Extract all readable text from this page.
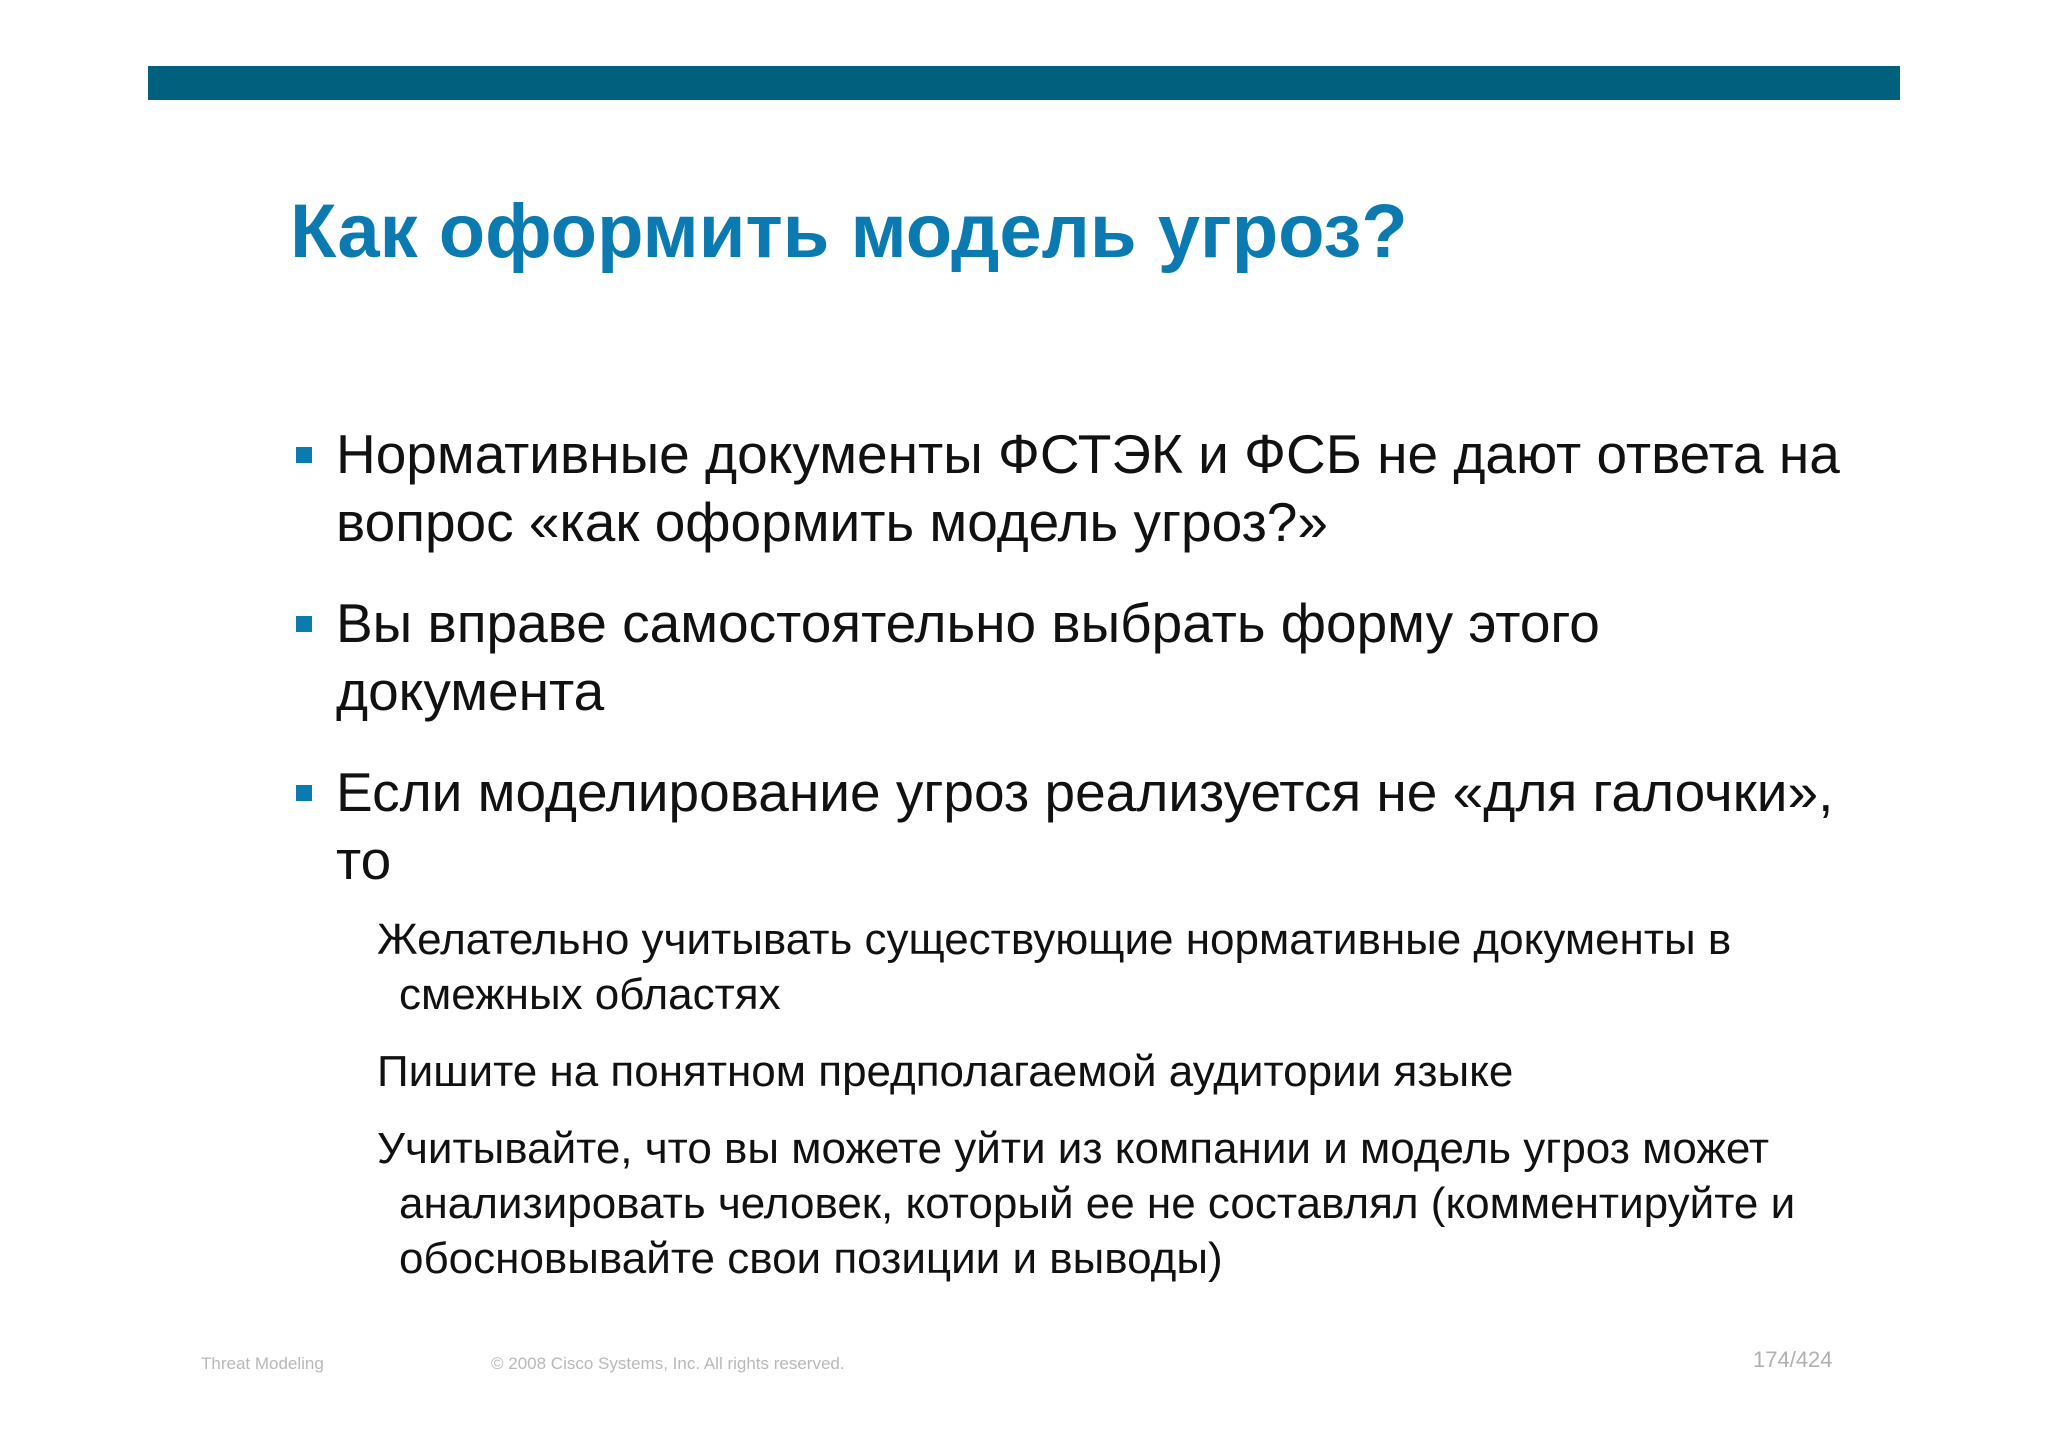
Как оформить модель угроз?
Нормативные документы ФСТЭК и ФСБ не дают ответа на вопрос «как оформить модель угроз?»
Вы вправе самостоятельно выбрать форму этого документа
Если моделирование угроз реализуется не «для галочки», то
Желательно учитывать существующие нормативные документы в смежных областях
Пишите на понятном предполагаемой аудитории языке
Учитывайте, что вы можете уйти из компании и модель угроз может анализировать человек, который ее не составлял (комментируйте и обосновывайте свои позиции и выводы)
Threat Modeling	© 2008 Cisco Systems, Inc. All rights reserved.	174/424
